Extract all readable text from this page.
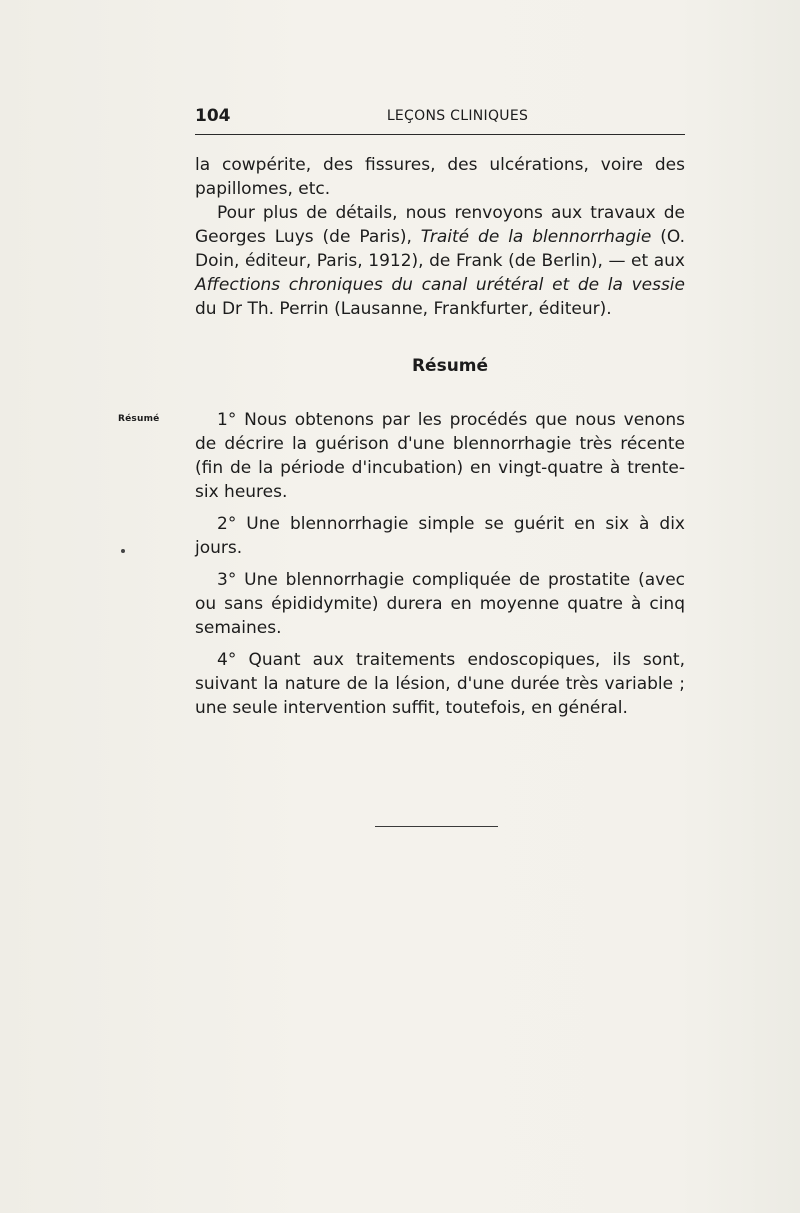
104	LEÇONS CLINIQUES

la cowpérite, des fissures, des ulcérations, voire des papillomes, etc.

Pour plus de détails, nous renvoyons aux travaux de Georges Luys (de Paris), Traité de la blennorrhagie (O. Doin, éditeur, Paris, 1912), de Frank (de Berlin), — et aux Affections chroniques du canal urétéral et de la vessie du Dr Th. Perrin (Lausanne, Frankfurter, éditeur).

Résumé
Résumé	1° Nous obtenons par les procédés que nous venons de décrire la guérison d'une blennorrhagie très récente (fin de la période d'incubation) en vingt-quatre à trente-six heures.

2° Une blennorrhagie simple se guérit en six à dix jours.

3° Une blennorrhagie compliquée de prostatite (avec ou sans épididymite) durera en moyenne quatre à cinq semaines.

4° Quant aux traitements endoscopiques, ils sont, suivant la nature de la lésion, d'une durée très variable ; une seule intervention suffit, toutefois, en général.
